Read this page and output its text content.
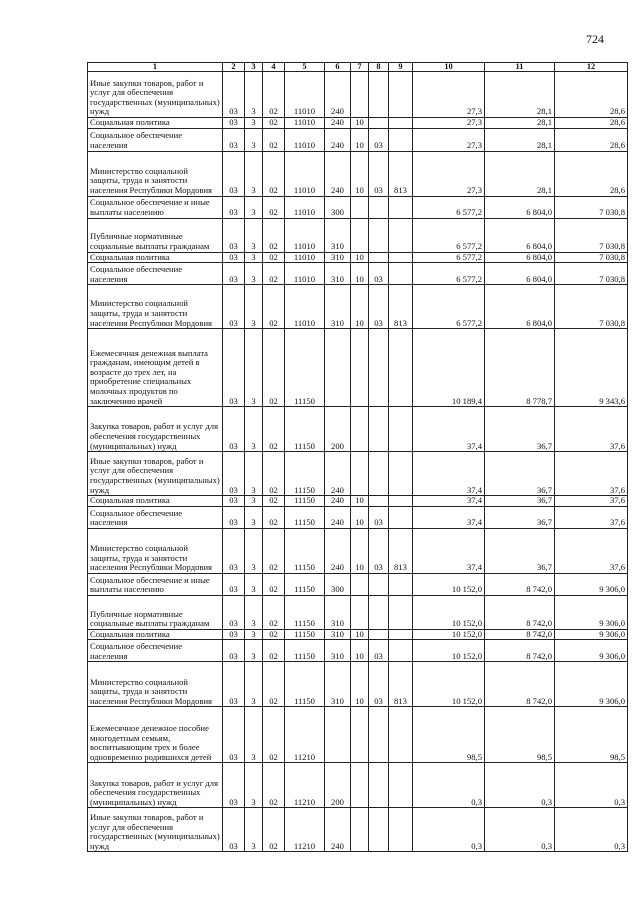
724
1	2	3	4	5	6	7	8	9	10	11	12
Иные закупки товаров, работ и услуг для обеспечения государственных (муниципальных) нужд	03	3	02	11010	240				27,3	28,1	28,6
Социальная политика	03	3	02	11010	240	10			27,3	28,1	28,6
Социальное обеспечение населения	03	3	02	11010	240	10	03		27,3	28,1	28,6
Министерство социальной защиты, труда и занятости населения Республики Мордовия	03	3	02	11010	240	10	03	813	27,3	28,1	28,6
Социальное обеспечение и иные выплаты населению	03	3	02	11010	300				6 577,2	6 804,0	7 030,8
Публичные нормативные социальные выплаты гражданам	03	3	02	11010	310				6 577,2	6 804,0	7 030,8
Социальная политика	03	3	02	11010	310	10			6 577,2	6 804,0	7 030,8
Социальное обеспечение населения	03	3	02	11010	310	10	03		6 577,2	6 804,0	7 030,8
Министерство социальной защиты, труда и занятости населения Республики Мордовия	03	3	02	11010	310	10	03	813	6 577,2	6 804,0	7 030,8
Ежемесячная денежная выплата гражданам, имеющим детей в возрасте до трех лет, на приобретение специальных молочных продуктов по заключению врачей	03	3	02	11150					10 189,4	8 778,7	9 343,6
Закупка товаров, работ и услуг для обеспечения государственных (муниципальных) нужд	03	3	02	11150	200				37,4	36,7	37,6
Иные закупки товаров, работ и услуг для обеспечения государственных (муниципальных) нужд	03	3	02	11150	240				37,4	36,7	37,6
Социальная политика	03	3	02	11150	240	10			37,4	36,7	37,6
Социальное обеспечение населения	03	3	02	11150	240	10	03		37,4	36,7	37,6
Министерство социальной защиты, труда и занятости населения Республики Мордовия	03	3	02	11150	240	10	03	813	37,4	36,7	37,6
Социальное обеспечение и иные выплаты населению	03	3	02	11150	300				10 152,0	8 742,0	9 306,0
Публичные нормативные социальные выплаты гражданам	03	3	02	11150	310				10 152,0	8 742,0	9 306,0
Социальная политика	03	3	02	11150	310	10			10 152,0	8 742,0	9 306,0
Социальное обеспечение населения	03	3	02	11150	310	10	03		10 152,0	8 742,0	9 306,0
Министерство социальной защиты, труда и занятости населения Республики Мордовия	03	3	02	11150	310	10	03	813	10 152,0	8 742,0	9 306,0
Ежемесячное денежное пособие многодетным семьям, воспитывающим трех и более одновременно родившихся детей	03	3	02	11210					98,5	98,5	98,5
Закупка товаров, работ и услуг для обеспечения государственных (муниципальных) нужд	03	3	02	11210	200				0,3	0,3	0,3
Иные закупки товаров, работ и услуг для обеспечения государственных (муниципальных) нужд	03	3	02	11210	240				0,3	0,3	0,3
